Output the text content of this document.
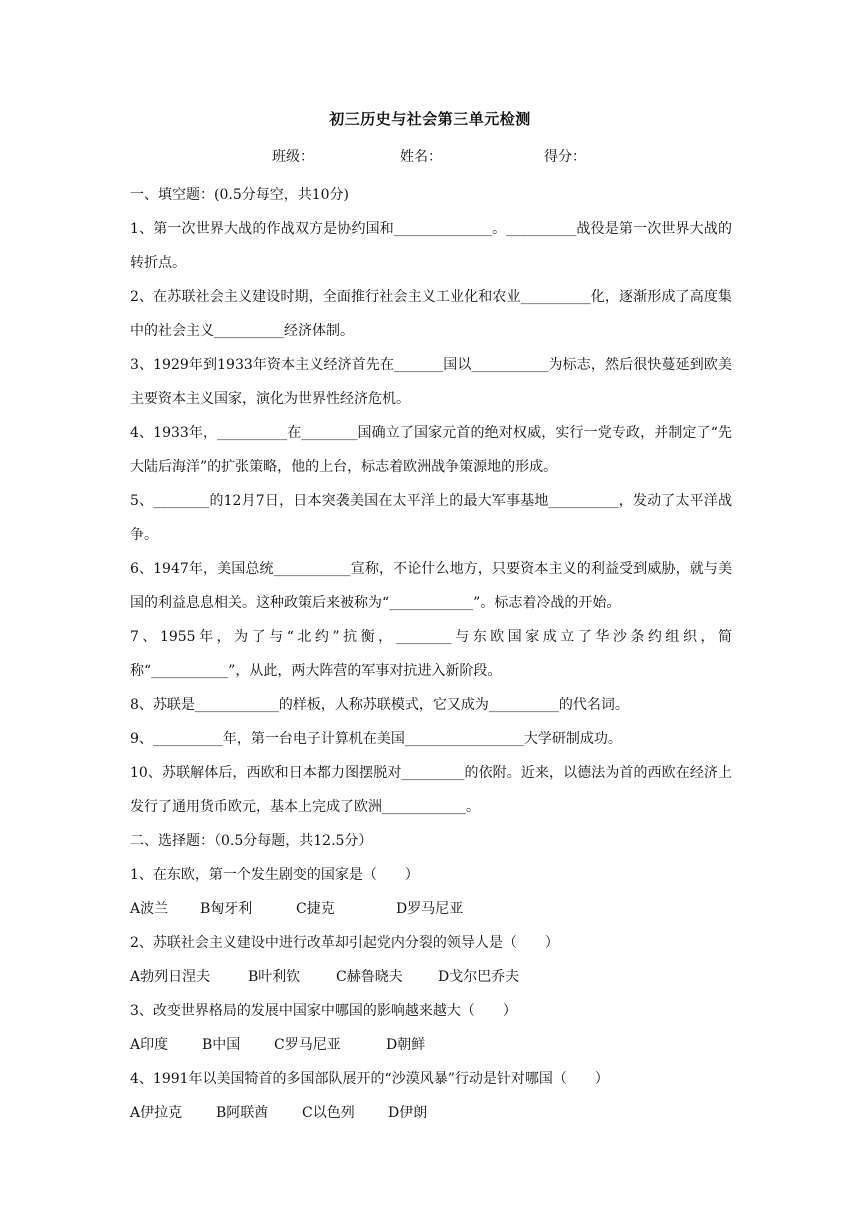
初三历史与社会第三单元检测
班级：	姓名：	得分：

一、填空题：(0.5分每空，共10分)

1、第一次世界大战的作战双方是协约国和______________。__________战役是第一次世界大战的转折点。

2、在苏联社会主义建设时期，全面推行社会主义工业化和农业__________化，逐渐形成了高度集中的社会主义__________经济体制。

3、1929年到1933年资本主义经济首先在_______国以___________为标志，然后很快蔓延到欧美主要资本主义国家，演化为世界性经济危机。

4、1933年，__________在________国确立了国家元首的绝对权威，实行一党专政，并制定了“先大陆后海洋”的扩张策略，他的上台，标志着欧洲战争策源地的形成。

5、________的12月7日，日本突袭美国在太平洋上的最大军事基地__________，发动了太平洋战争。

6、1947年，美国总统___________宣称，不论什么地方，只要资本主义的利益受到威胁，就与美国的利益息息相关。这种政策后来被称为“____________”。标志着冷战的开始。

7、1955年，为了与“北约”抗衡，________与东欧国家成立了华沙条约组织，简称“___________”，从此，两大阵营的军事对抗进入新阶段。

8、苏联是____________的样板，人称苏联模式，它又成为__________的代名词。

9、__________年，第一台电子计算机在美国_________________大学研制成功。

10、苏联解体后，西欧和日本都力图摆脱对_________的依附。近来，以德法为首的西欧在经济上发行了通用货币欧元，基本上完成了欧洲____________。

二、选择题：（0.5分每题，共12.5分）

1、在东欧，第一个发生剧变的国家是（　　）

A波兰 B匈牙利	C捷克	D罗马尼亚

2、苏联社会主义建设中进行改革却引起党内分裂的领导人是（　　）

A勃列日涅夫	B叶利钦	C赫鲁晓夫	D戈尔巴乔夫

3、改变世界格局的发展中国家中哪国的影响越来越大（　　）

A印度 B中国 C罗马尼亚	D朝鲜

4、1991年以美国犄首的多国部队展开的“沙漠风暴”行动是针对哪国（　　）

A伊拉克 B阿联酋 C以色列 D伊朗
